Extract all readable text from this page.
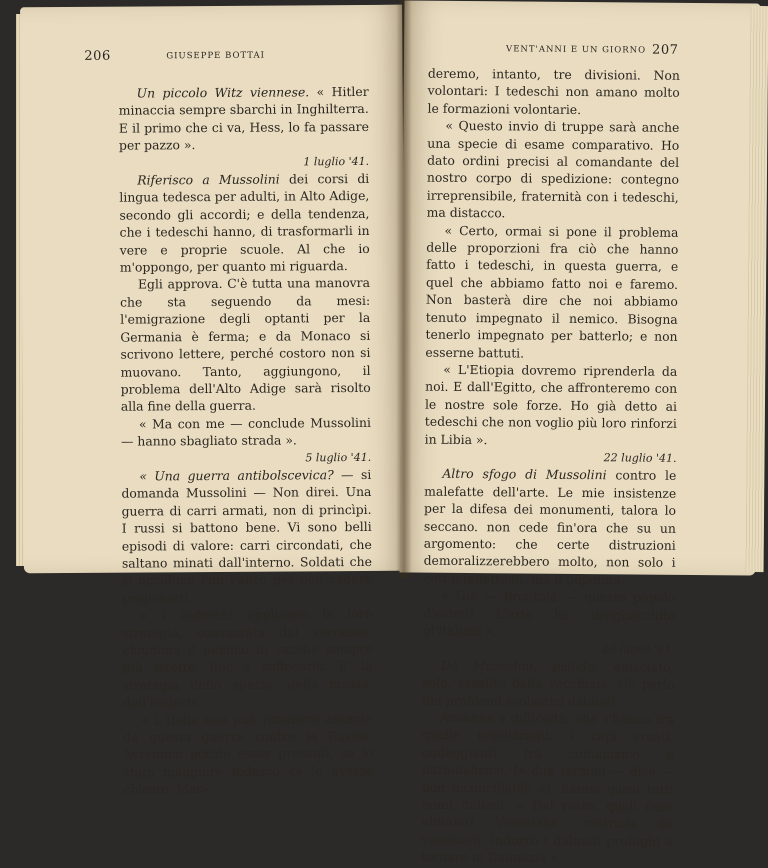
206	GIUSEPPE BOTTAI

Un piccolo Witz viennese. « Hitler minaccia sempre sbarchi in Inghilterra. E il primo che ci va, Hess, lo fa passare per pazzo ».

1 luglio '41.

Riferisco a Mussolini dei corsi di lingua tedesca per adulti, in Alto Adige, secondo gli accordi; e della tendenza, che i tedeschi hanno, di trasformarli in vere e proprie scuole. Al che io m'oppongo, per quanto mi riguarda.

Egli approva. C'è tutta una manovra che sta seguendo da mesi: l'emigrazione degli optanti per la Germania è ferma; e da Monaco si scrivono lettere, perché costoro non si muovano. Tanto, aggiungono, il problema dell'Alto Adige sarà risolto alla fine della guerra.

« Ma con me — conclude Mussolini — hanno sbagliato strada ».

5 luglio '41.

« Una guerra antibolscevica? — si domanda Mussolini — Non direi. Una guerra di carri armati, non di princìpi. I russi si battono bene. Vi sono belli episodi di valore: carri circondati, che saltano minati dall'interno. Soldati che si uccidono l'un l'altro per non cadere prigionieri.

« I tedeschi applicano la loro strategia, consacrata dal successo: chiudono il nemico in sacche sempre più strette, fino a soffocarlo. E' la strategia dello spazio, della massa, dell'audacia.

« L'Italia non può rimanere assente da questa guerra contro la Russia. Avremmo potuto esser presenti, se lo stato maggiore tedesco ce lo avesse chiesto. Man-

VENT'ANNI E UN GIORNO 207

deremo, intanto, tre divisioni. Non volontari: I tedeschi non amano molto le formazioni volontarie.

« Questo invio di truppe sarà anche una specie di esame comparativo. Ho dato ordini precisi al comandante del nostro corpo di spedizione: contegno irreprensibile, fraternità con i tedeschi, ma distacco.

« Certo, ormai si pone il problema delle proporzioni fra ciò che hanno fatto i tedeschi, in questa guerra, e quel che abbiamo fatto noi e faremo. Non basterà dire che noi abbiamo tenuto impegnato il nemico. Bisogna tenerlo impegnato per batterlo; e non esserne battuti.

« L'Etiopia dovremo riprenderla da noi. E dall'Egitto, che affronteremo con le nostre sole forze. Ho già detto ai tedeschi che non voglio più loro rinforzi in Libia ».

22 luglio '41.

Altro sfogo di Mussolini contro le malefatte dell'arte. Le mie insistenze per la difesa dei monumenti, talora lo seccano. non cede fin'ora che su un argomento: che certe distruzioni demoralizzerebbero molto, non solo i ceti intellettuali, ma il popolino.

« Già — brontola — questo popolo d'esteti! L'arte ha invigliacchito gl'italiani ».

23 luglio '41.

Da Mussolini, pallido, emaciato, solo, assalito dalla vecchiaia. Gli parlo dei problemi scolastici dalmati.

Accenna a difficoltà, che s'hanno tra quelle popolazioni. I capi croati, ondeggianti tra comunismo e nazionalismo, (« due termini — dice — non inconciliabili »), hanno quasi tutti nomi italiani. « Del resto, quali case abitano? Veneziane, costruite da veneziani. Indurrò i dalmati profughi a tornare in Dalmazia ».
